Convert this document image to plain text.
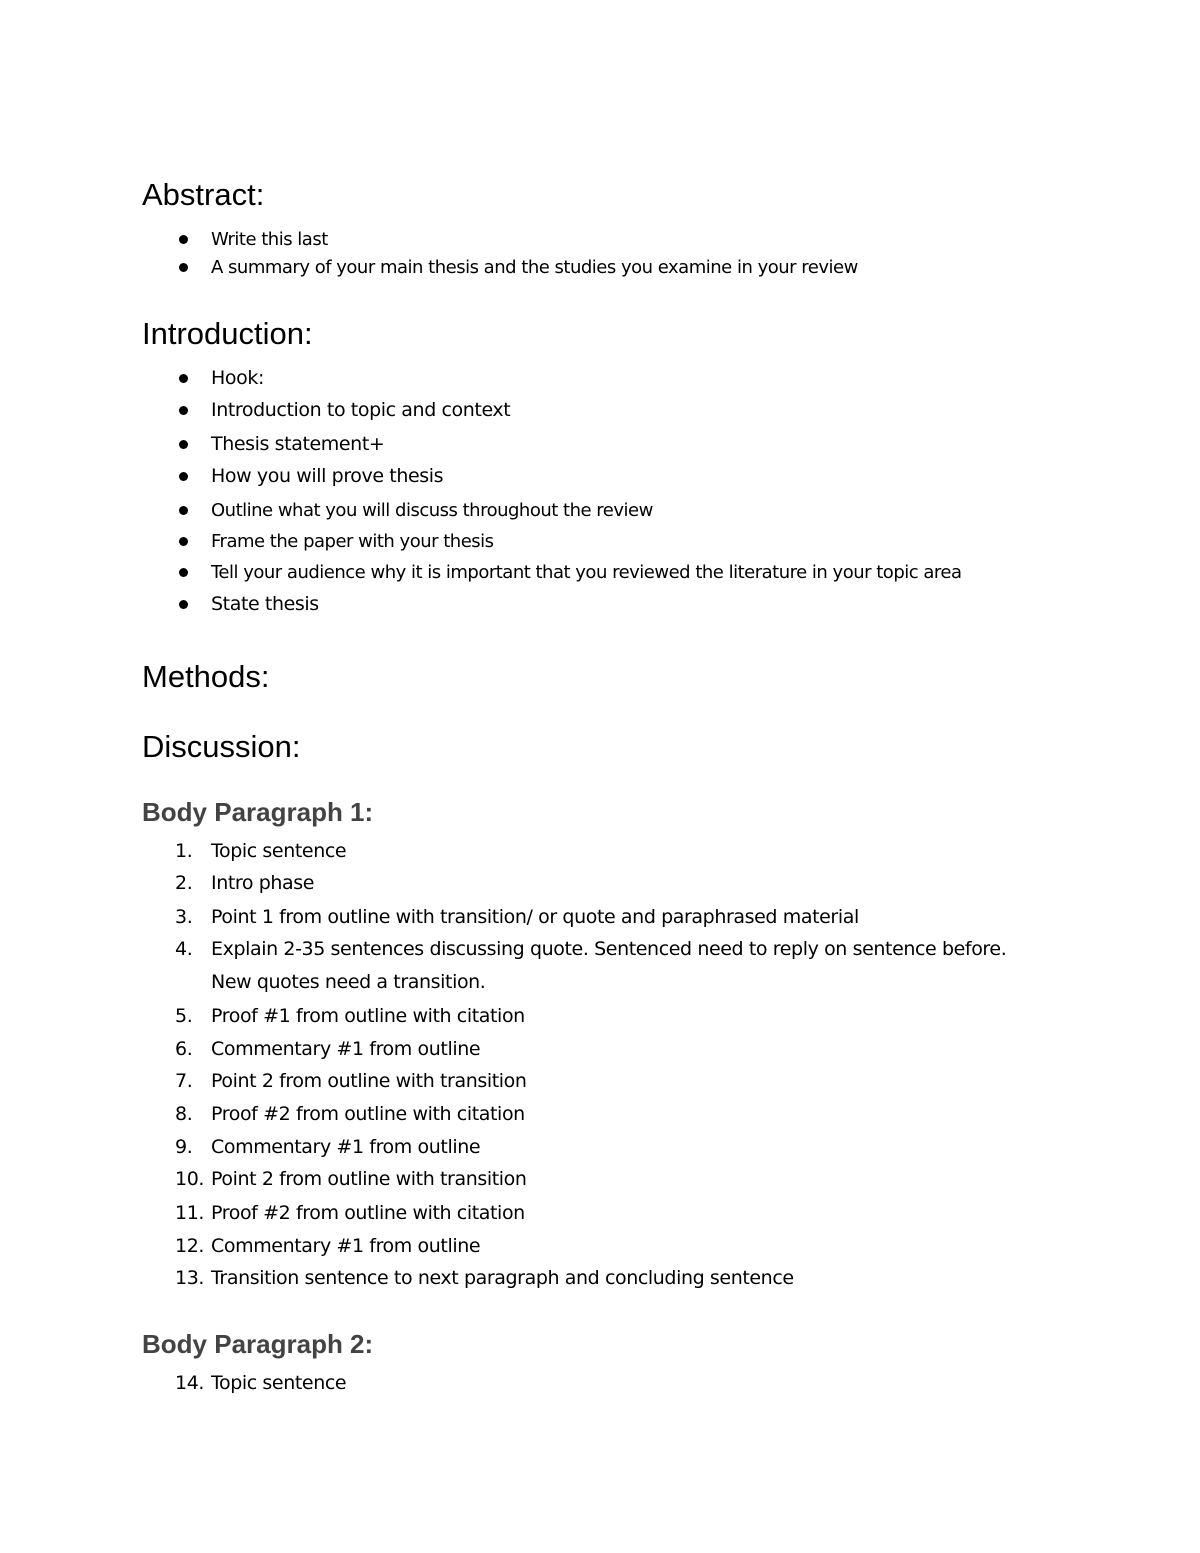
Abstract:
Write this last
A summary of your main thesis and the studies you examine in your review
Introduction:
Hook:
Introduction to topic and context
Thesis statement+
How you will prove thesis
Outline what you will discuss throughout the review
Frame the paper with your thesis
Tell your audience why it is important that you reviewed the literature in your topic area
State thesis
Methods:
Discussion:
Body Paragraph 1:
1. Topic sentence
2. Intro phase
3. Point 1 from outline with transition/ or quote and paraphrased material
4. Explain 2-35 sentences discussing quote. Sentenced need to reply on sentence before.
New quotes need a transition.
5. Proof #1 from outline with citation
6. Commentary #1 from outline
7. Point 2 from outline with transition
8. Proof #2 from outline with citation
9. Commentary #1 from outline
10. Point 2 from outline with transition
11. Proof #2 from outline with citation
12. Commentary #1 from outline
13. Transition sentence to next paragraph and concluding sentence
Body Paragraph 2:
14. Topic sentence
